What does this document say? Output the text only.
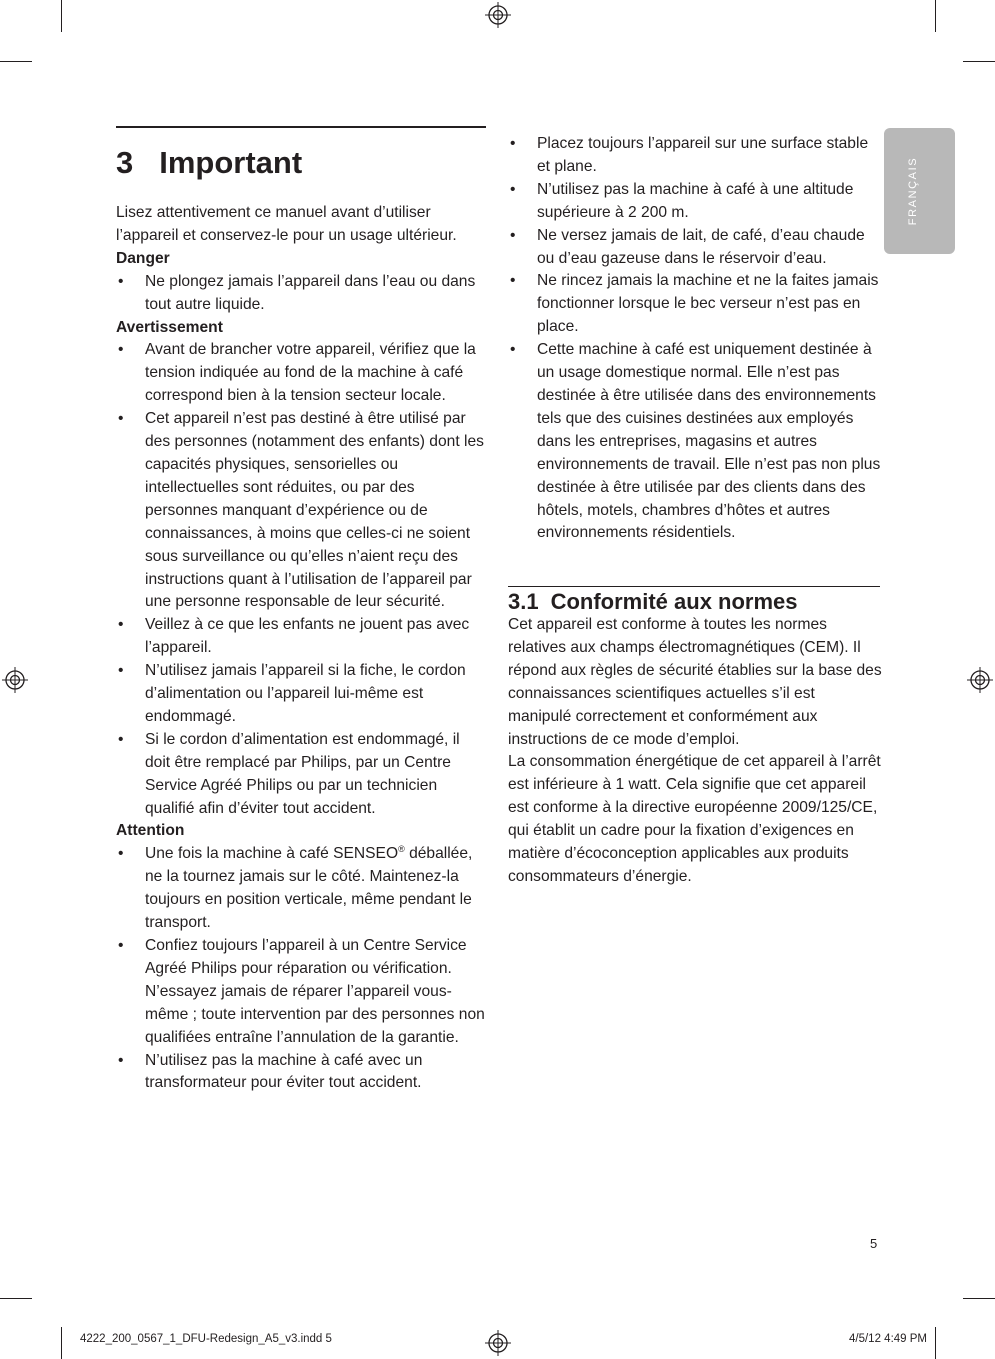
FRANÇAIS
3 Important

Lisez attentivement ce manuel avant d’utiliser l’appareil et conservez-le pour un usage ultérieur.

Danger

• Ne plongez jamais l’appareil dans l’eau ou dans tout autre liquide.

Avertissement

• Avant de brancher votre appareil, vérifiez que la tension indiquée au fond de la machine à café correspond bien à la tension secteur locale.
• Cet appareil n’est pas destiné à être utilisé par des personnes (notamment des enfants) dont les capacités physiques, sensorielles ou intellectuelles sont réduites, ou par des personnes manquant d’expérience ou de connaissances, à moins que celles-ci ne soient sous surveillance ou qu’elles n’aient reçu des instructions quant à l’utilisation de l’appareil par une personne responsable de leur sécurité.
• Veillez à ce que les enfants ne jouent pas avec l’appareil.
• N’utilisez jamais l’appareil si la fiche, le cordon d’alimentation ou l’appareil lui-même est endommagé.
• Si le cordon d’alimentation est endommagé, il doit être remplacé par Philips, par un Centre Service Agréé Philips ou par un technicien qualifié afin d’éviter tout accident.

Attention

• Une fois la machine à café SENSEO® déballée, ne la tournez jamais sur le côté. Maintenez-la toujours en position verticale, même pendant le transport.
• Confiez toujours l’appareil à un Centre Service Agréé Philips pour réparation ou vérification. N’essayez jamais de réparer l’appareil vous-même ; toute intervention par des personnes non qualifiées entraîne l’annulation de la garantie.
• N’utilisez pas la machine à café avec un transformateur pour éviter tout accident.
• Placez toujours l’appareil sur une surface stable et plane.
• N’utilisez pas la machine à café à une altitude supérieure à 2 200 m.
• Ne versez jamais de lait, de café, d’eau chaude ou d’eau gazeuse dans le réservoir d’eau.
• Ne rincez jamais la machine et ne la faites jamais fonctionner lorsque le bec verseur n’est pas en place.
• Cette machine à café est uniquement destinée à un usage domestique normal. Elle n’est pas destinée à être utilisée dans des environnements tels que des cuisines destinées aux employés dans les entreprises, magasins et autres environnements de travail. Elle n’est pas non plus destinée à être utilisée par des clients dans des hôtels, motels, chambres d’hôtes et autres environnements résidentiels.
3.1 Conformité aux normes

Cet appareil est conforme à toutes les normes relatives aux champs électromagnétiques (CEM). Il répond aux règles de sécurité établies sur la base des connaissances scientifiques actuelles s’il est manipulé correctement et conformément aux instructions de ce mode d’emploi.

La consommation énergétique de cet appareil à l’arrêt est inférieure à 1 watt. Cela signifie que cet appareil est conforme à la directive européenne 2009/125/CE, qui établit un cadre pour la fixation d’exigences en matière d’écoconception applicables aux produits consommateurs d’énergie.

5
4222_200_0567_1_DFU-Redesign_A5_v3.indd 5	4/5/12 4:49 PM
